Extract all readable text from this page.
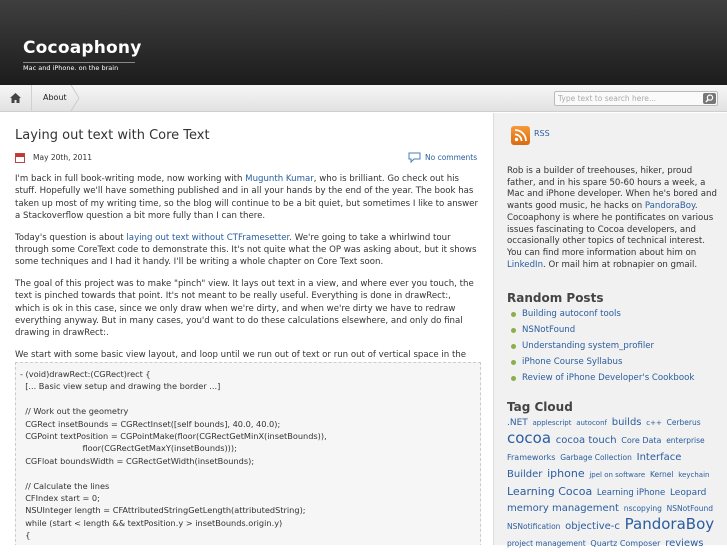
Cocoaphony
Mac and iPhone. on the brain
About
Type text to search here...
Laying out text with Core Text
May 20th, 2011	No comments

I'm back in full book-writing mode, now working with Mugunth Kumar, who is brilliant. Go check out his stuff. Hopefully we'll have something published and in all your hands by the end of the year. The book has taken up most of my writing time, so the blog will continue to be a bit quiet, but sometimes I like to answer a Stackoverflow question a bit more fully than I can there.

Today's question is about laying out text without CTFramesetter. We're going to take a whirlwind tour through some CoreText code to demonstrate this. It's not quite what the OP was asking about, but it shows some techniques and I had it handy. I'll be writing a whole chapter on Core Text soon.

The goal of this project was to make "pinch" view. It lays out text in a view, and where ever you touch, the text is pinched towards that point. It's not meant to be really useful. Everything is done in drawRect:, which is ok in this case, since we only draw when we're dirty, and when we're dirty we have to redraw everything anyway. But in many cases, you'd want to do these calculations elsewhere, and only do final drawing in drawRect:.

We start with some basic view layout, and loop until we run out of text or run out of vertical space in the

- (void)drawRect:(CGRect)rect {
[... Basic view setup and drawing the border ...]

// Work out the geometry
CGRect insetBounds = CGRectInset([self bounds], 40.0, 40.0);
CGPoint textPosition = CGPointMake(floor(CGRectGetMinX(insetBounds)),
floor(CGRectGetMaxY(insetBounds)));
CGFloat boundsWidth = CGRectGetWidth(insetBounds);

// Calculate the lines
CFIndex start = 0;
NSUInteger length = CFAttributedStringGetLength(attributedString);
while (start < length && textPosition.y > insetBounds.origin.y)
{
RSS
Rob is a builder of treehouses, hiker, proud father, and in his spare 50-60 hours a week, a Mac and iPhone developer. When he's bored and wants good music, he hacks on PandoraBoy. Cocoaphony is where he pontificates on various issues fascinating to Cocoa developers, and occasionally other topics of technical interest. You can find more information about him on LinkedIn. Or mail him at robnapier on gmail.
Random Posts
Building autoconf tools
NSNotFound
Understanding system_profiler
iPhone Course Syllabus
Review of iPhone Developer's Cookbook
Tag Cloud
.NET applescript autoconf builds c++ Cerberus cocoa cocoa touch Core Data enterprise Frameworks Garbage Collection Interface Builder iphone jpel on software Kernel keychain Learning Cocoa Learning iPhone Leopard memory management nscopying NSNotFound NSNotification objective-c PandoraBoy project management Quartz Composer reviews
